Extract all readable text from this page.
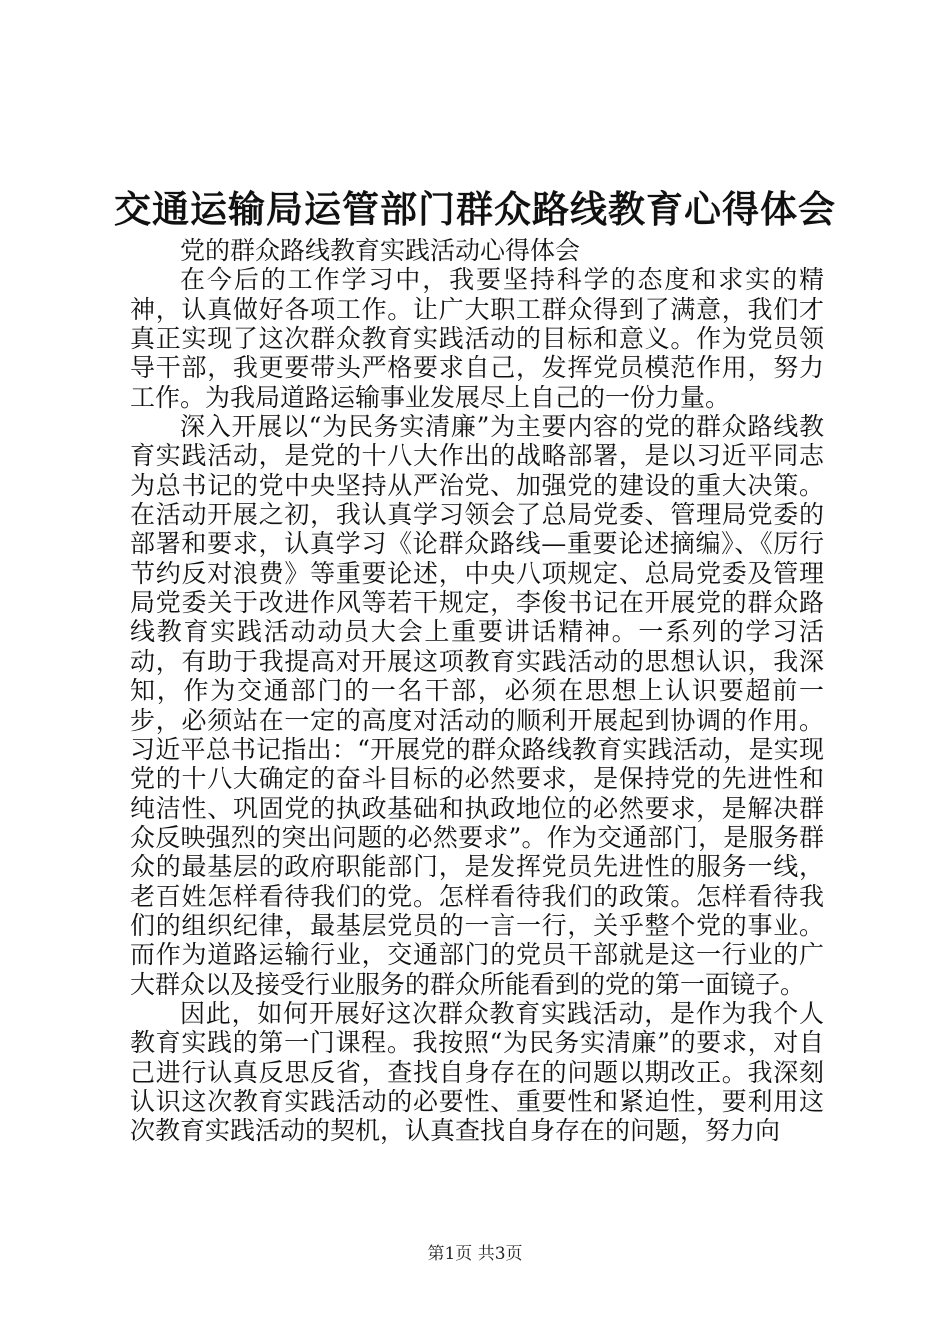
交通运输局运管部门群众路线教育心得体会

党的群众路线教育实践活动心得体会

在今后的工作学习中，我要坚持科学的态度和求实的精神，认真做好各项工作。让广大职工群众得到了满意，我们才真正实现了这次群众教育实践活动的目标和意义。作为党员领导干部，我更要带头严格要求自己，发挥党员模范作用，努力工作。为我局道路运输事业发展尽上自己的一份力量。

深入开展以“为民务实清廉”为主要内容的党的群众路线教育实践活动，是党的十八大作出的战略部署，是以习近平同志为总书记的党中央坚持从严治党、加强党的建设的重大决策。在活动开展之初，我认真学习领会了总局党委、管理局党委的部署和要求，认真学习《论群众路线—重要论述摘编》、《厉行节约反对浪费》等重要论述，中央八项规定、总局党委及管理局党委关于改进作风等若干规定，李俊书记在开展党的群众路线教育实践活动动员大会上重要讲话精神。一系列的学习活动，有助于我提高对开展这项教育实践活动的思想认识，我深知，作为交通部门的一名干部，必须在思想上认识要超前一步，必须站在一定的高度对活动的顺利开展起到协调的作用。习近平总书记指出：“开展党的群众路线教育实践活动，是实现党的十八大确定的奋斗目标的必然要求，是保持党的先进性和纯洁性、巩固党的执政基础和执政地位的必然要求，是解决群众反映强烈的突出问题的必然要求”。作为交通部门，是服务群众的最基层的政府职能部门，是发挥党员先进性的服务一线，老百姓怎样看待我们的党。怎样看待我们的政策。怎样看待我们的组织纪律，最基层党员的一言一行，关乎整个党的事业。而作为道路运输行业，交通部门的党员干部就是这一行业的广大群众以及接受行业服务的群众所能看到的党的第一面镜子。

因此，如何开展好这次群众教育实践活动，是作为我个人教育实践的第一门课程。我按照“为民务实清廉”的要求，对自己进行认真反思反省，查找自身存在的问题以期改正。我深刻认识这次教育实践活动的必要性、重要性和紧迫性，要利用这次教育实践活动的契机，认真查找自身存在的问题，努力向

第1页 共3页
